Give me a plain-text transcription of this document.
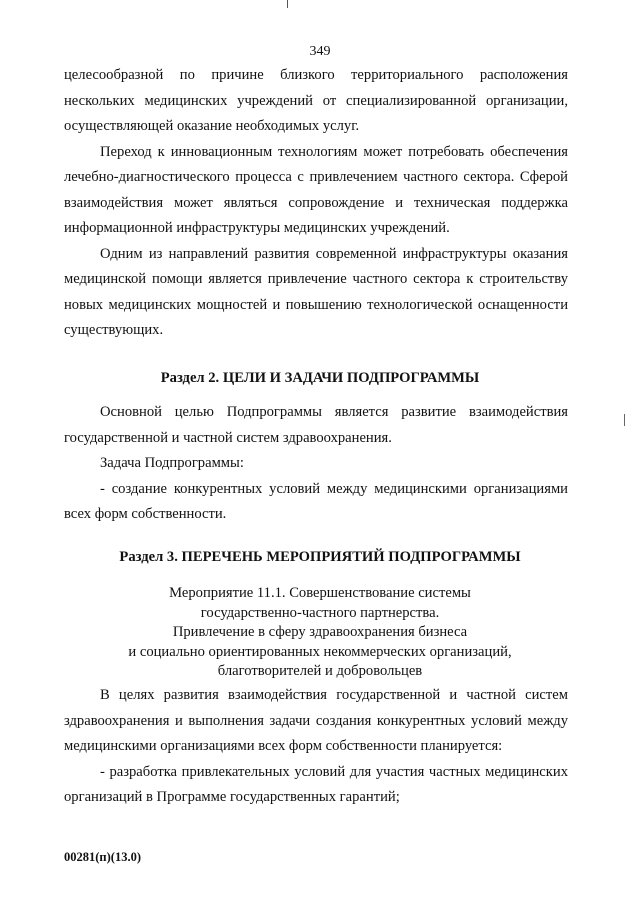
349

целесообразной по причине близкого территориального расположения нескольких медицинских учреждений от специализированной организации, осуществляющей оказание необходимых услуг.

Переход к инновационным технологиям может потребовать обеспечения лечебно-диагностического процесса с привлечением частного сектора. Сферой взаимодействия может являться сопровождение и техническая поддержка информационной инфраструктуры медицинских учреждений.

Одним из направлений развития современной инфраструктуры оказания медицинской помощи является привлечение частного сектора к строительству новых медицинских мощностей и повышению технологической оснащенности существующих.

Раздел 2. ЦЕЛИ И ЗАДАЧИ ПОДПРОГРАММЫ

Основной целью Подпрограммы является развитие взаимодействия государственной и частной систем здравоохранения.

Задача Подпрограммы:

- создание конкурентных условий между медицинскими организациями всех форм собственности.

Раздел 3. ПЕРЕЧЕНЬ МЕРОПРИЯТИЙ ПОДПРОГРАММЫ
Мероприятие 11.1. Совершенствование системы
государственно-частного партнерства.
Привлечение в сферу здравоохранения бизнеса
и социально ориентированных некоммерческих организаций,
благотворителей и добровольцев

В целях развития взаимодействия государственной и частной систем здравоохранения и выполнения задачи создания конкурентных условий между медицинскими организациями всех форм собственности планируется:

- разработка привлекательных условий для участия частных медицинских организаций в Программе государственных гарантий;

00281(п)(13.0)
